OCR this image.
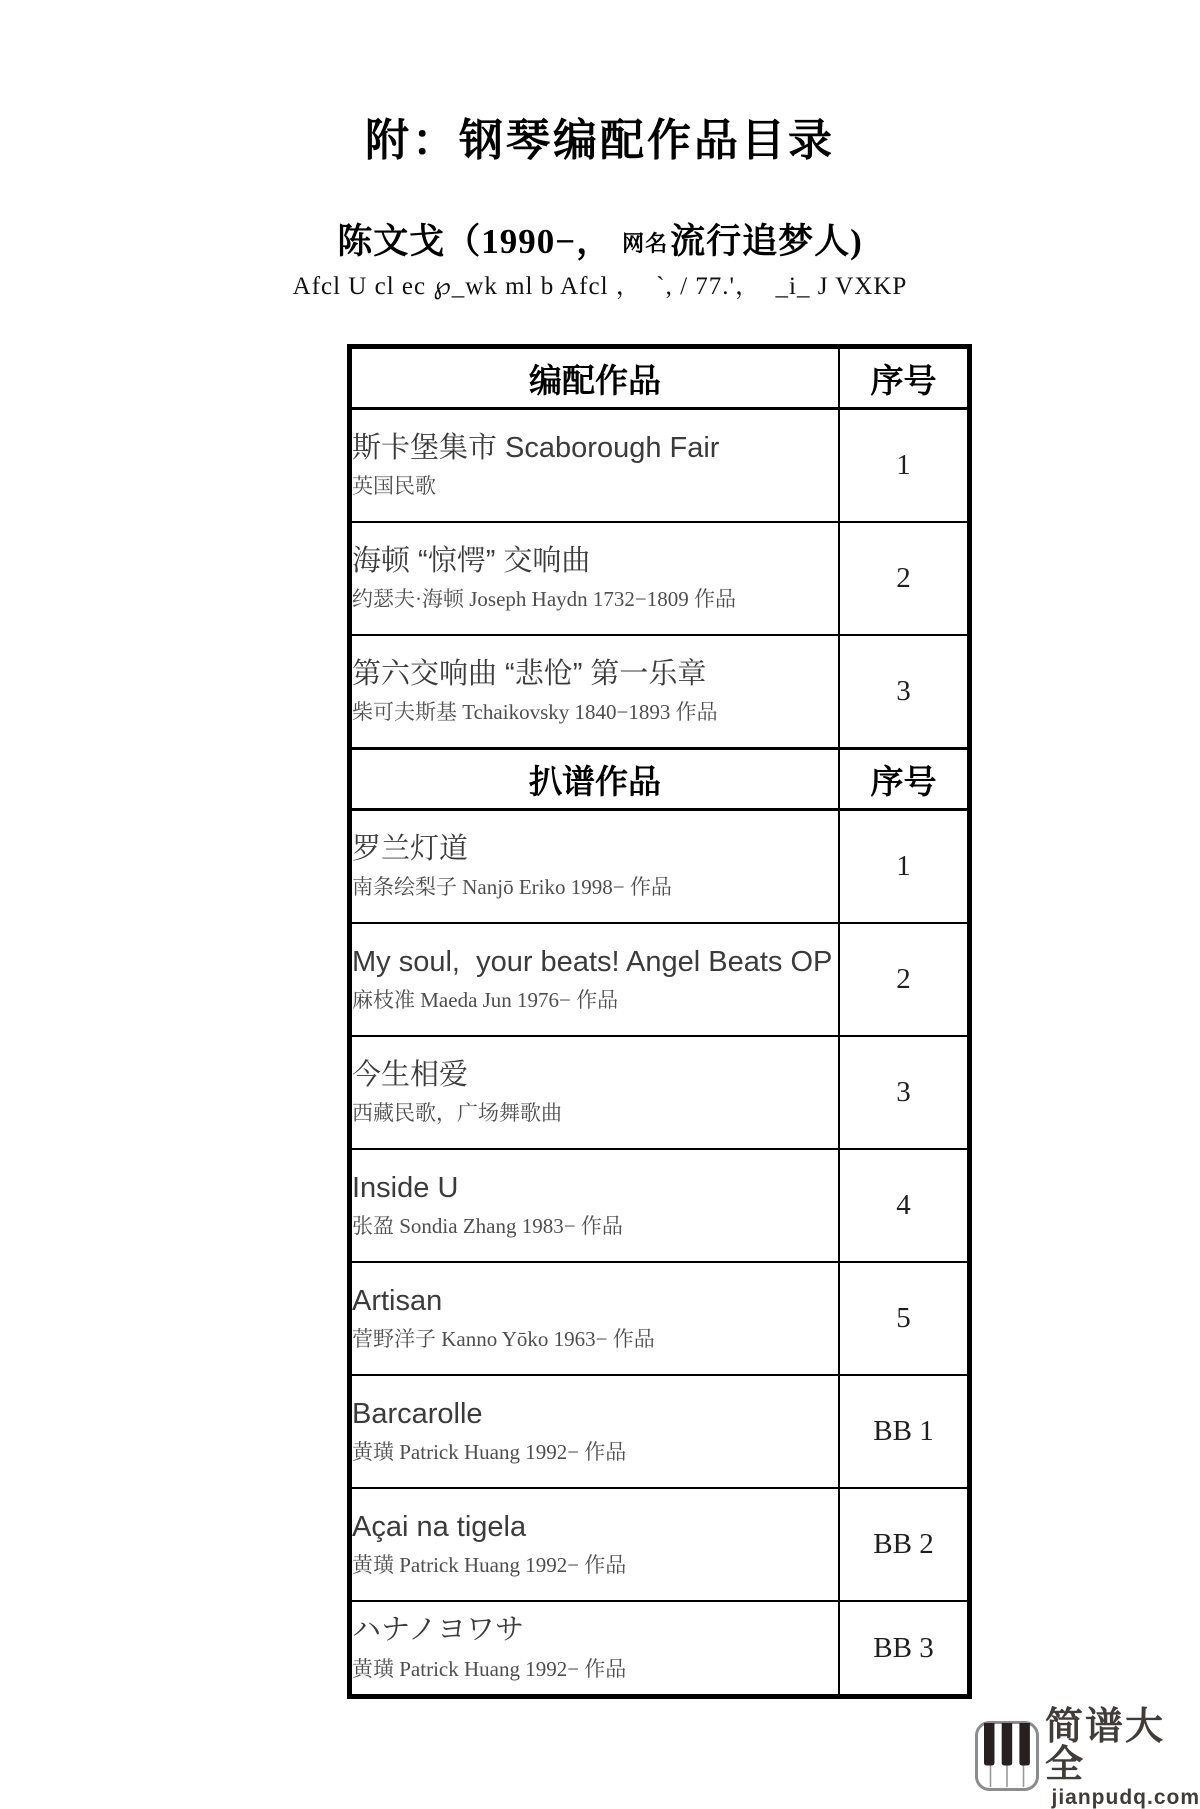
附：钢琴编配作品目录
陈文戈（1990−， 网名流行追梦人)
Afcl U cl ec ℘_wk ml b Afcl ，  `, / 77.'，  _i_ J VXKP
编配作品	序号

斯卡堡集市 Scaborough Fair
英国民歌	1

海顿 “惊愕” 交响曲
约瑟夫·海顿 Joseph Haydn 1732−1809 作品	2

第六交响曲 “悲怆” 第一乐章
柴可夫斯基 Tchaikovsky 1840−1893 作品	3
扒谱作品	序号

罗兰灯道
南条绘梨子 Nanjō Eriko 1998− 作品	1

My soul,  your beats! Angel Beats OP
麻枝准 Maeda Jun 1976− 作品	2

今生相爱
西藏民歌，广场舞歌曲	3

Inside U
张盈 Sondia Zhang 1983− 作品	4

Artisan
菅野洋子 Kanno Yōko 1963− 作品	5

Barcarolle
黄璜 Patrick Huang 1992− 作品	BB 1

Açai na tigela
黄璜 Patrick Huang 1992− 作品	BB 2

ハナノヨワサ
黄璜 Patrick Huang 1992− 作品	BB 3
简谱大全
jianpudq.com
